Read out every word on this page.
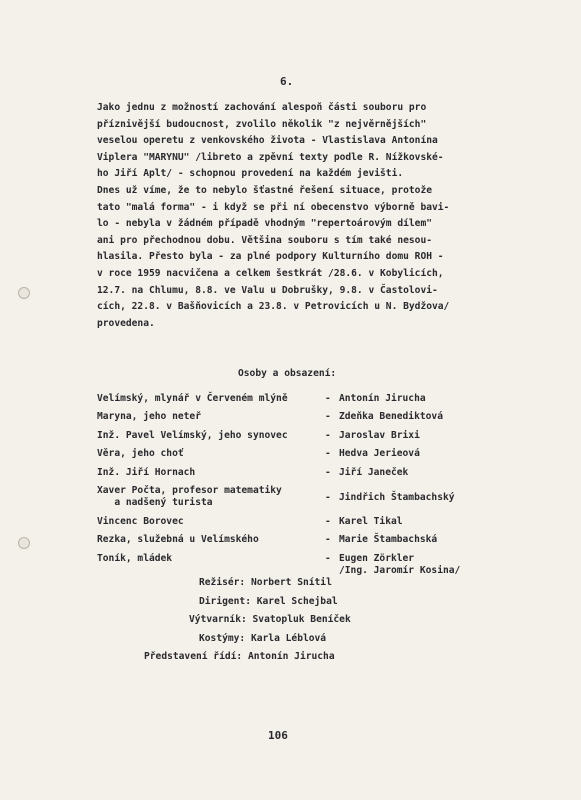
6.
Jako jednu z možností zachování alespoň části souboru pro
příznivější budoucnost, zvolilo několik "z nejvěrnějších"
veselou operetu z venkovského života - Vlastislava Antonína
Viplera "MARYNU" /libreto a zpěvní texty podle R. Nížkovské-
ho Jiří Aplt/ - schopnou provedení na každém jevišti.
Dnes už víme, že to nebylo šťastné řešení situace, protože
tato "malá forma" - i když se při ní obecenstvo výborně bavi-
lo - nebyla v žádném případě vhodným "repertoárovým dílem"
ani pro přechodnou dobu. Většina souboru s tím také nesou-
hlasila. Přesto byla - za plné podpory Kulturního domu ROH -
v roce 1959 nacvičena a celkem šestkrát /28.6. v Kobylicích,
12.7. na Chlumu, 8.8. ve Valu u Dobrušky, 9.8. v Častolovi-
cích, 22.8. v Bašňovicích a 23.8. v Petrovicích u N. Bydžova/
provedena.
Osoby a obsazení:
Velímský, mlynář v Červeném mlýně	- Antonín Jirucha
Maryna, jeho neteř	- Zdeňka Benediktová
Inž. Pavel Velímský, jeho synovec	- Jaroslav Brixi
Věra, jeho choť	- Hedva Jerieová
Inž. Jiří Hornach	- Jiří Janeček
Xaver Počta, profesor matematiky
a nadšený turista	- Jindřich Štambachský
Vincenc Borovec	- Karel Tikal
Rezka, služebná u Velímského	- Marie Štambachská
Toník, mládek	- Eugen Zörkler
/Ing. Jaromír Kosina/
Režisér: Norbert Snítil
Dirigent: Karel Schejbal
Výtvarník: Svatopluk Beníček
Kostýmy: Karla Léblová
Představení řídí: Antonín Jirucha
106
